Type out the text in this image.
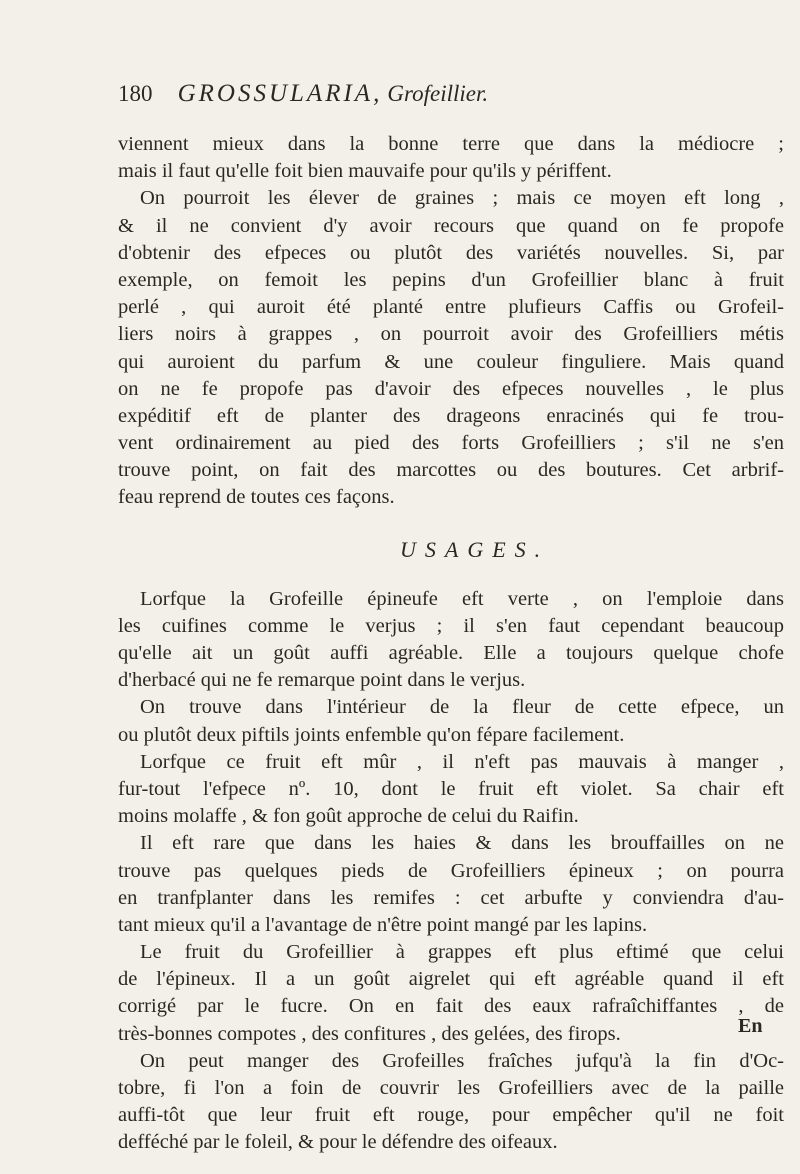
180 GROSSULARIA, Grofeillier.
viennent mieux dans la bonne terre que dans la médiocre ;
mais il faut qu'elle foit bien mauvaife pour qu'ils y périffent.
On pourroit les élever de graines ; mais ce moyen eft long ,
& il ne convient d'y avoir recours que quand on fe propofe
d'obtenir des efpeces ou plutôt des variétés nouvelles. Si, par
exemple, on femoit les pepins d'un Grofeillier blanc à fruit
perlé , qui auroit été planté entre plufieurs Caffis ou Grofeil-
liers noirs à grappes , on pourroit avoir des Grofeilliers métis
qui auroient du parfum & une couleur finguliere. Mais quand
on ne fe propofe pas d'avoir des efpeces nouvelles , le plus
expéditif eft de planter des drageons enracinés qui fe trou-
vent ordinairement au pied des forts Grofeilliers ; s'il ne s'en
trouve point, on fait des marcottes ou des boutures. Cet arbrif-
feau reprend de toutes ces façons.
USAGES.
Lorfque la Grofeille épineufe eft verte , on l'emploie dans
les cuifines comme le verjus ; il s'en faut cependant beaucoup
qu'elle ait un goût auffi agréable. Elle a toujours quelque chofe
d'herbacé qui ne fe remarque point dans le verjus.
On trouve dans l'intérieur de la fleur de cette efpece, un
ou plutôt deux piftils joints enfemble qu'on fépare facilement.
Lorfque ce fruit eft mûr , il n'eft pas mauvais à manger ,
fur-tout l'efpece nº. 10, dont le fruit eft violet. Sa chair eft
moins molaffe , & fon goût approche de celui du Raifin.
Il eft rare que dans les haies & dans les brouffailles on ne
trouve pas quelques pieds de Grofeilliers épineux ; on pourra
en tranfplanter dans les remifes : cet arbufte y conviendra d'au-
tant mieux qu'il a l'avantage de n'être point mangé par les lapins.
Le fruit du Grofeillier à grappes eft plus eftimé que celui
de l'épineux. Il a un goût aigrelet qui eft agréable quand il eft
corrigé par le fucre. On en fait des eaux rafraîchiffantes , de
très-bonnes compotes , des confitures , des gelées, des firops.
On peut manger des Grofeilles fraîches jufqu'à la fin d'Oc-
tobre, fi l'on a foin de couvrir les Grofeilliers avec de la paille
auffi-tôt que leur fruit eft rouge, pour empêcher qu'il ne foit
defféché par le foleil, & pour le défendre des oifeaux.
En
